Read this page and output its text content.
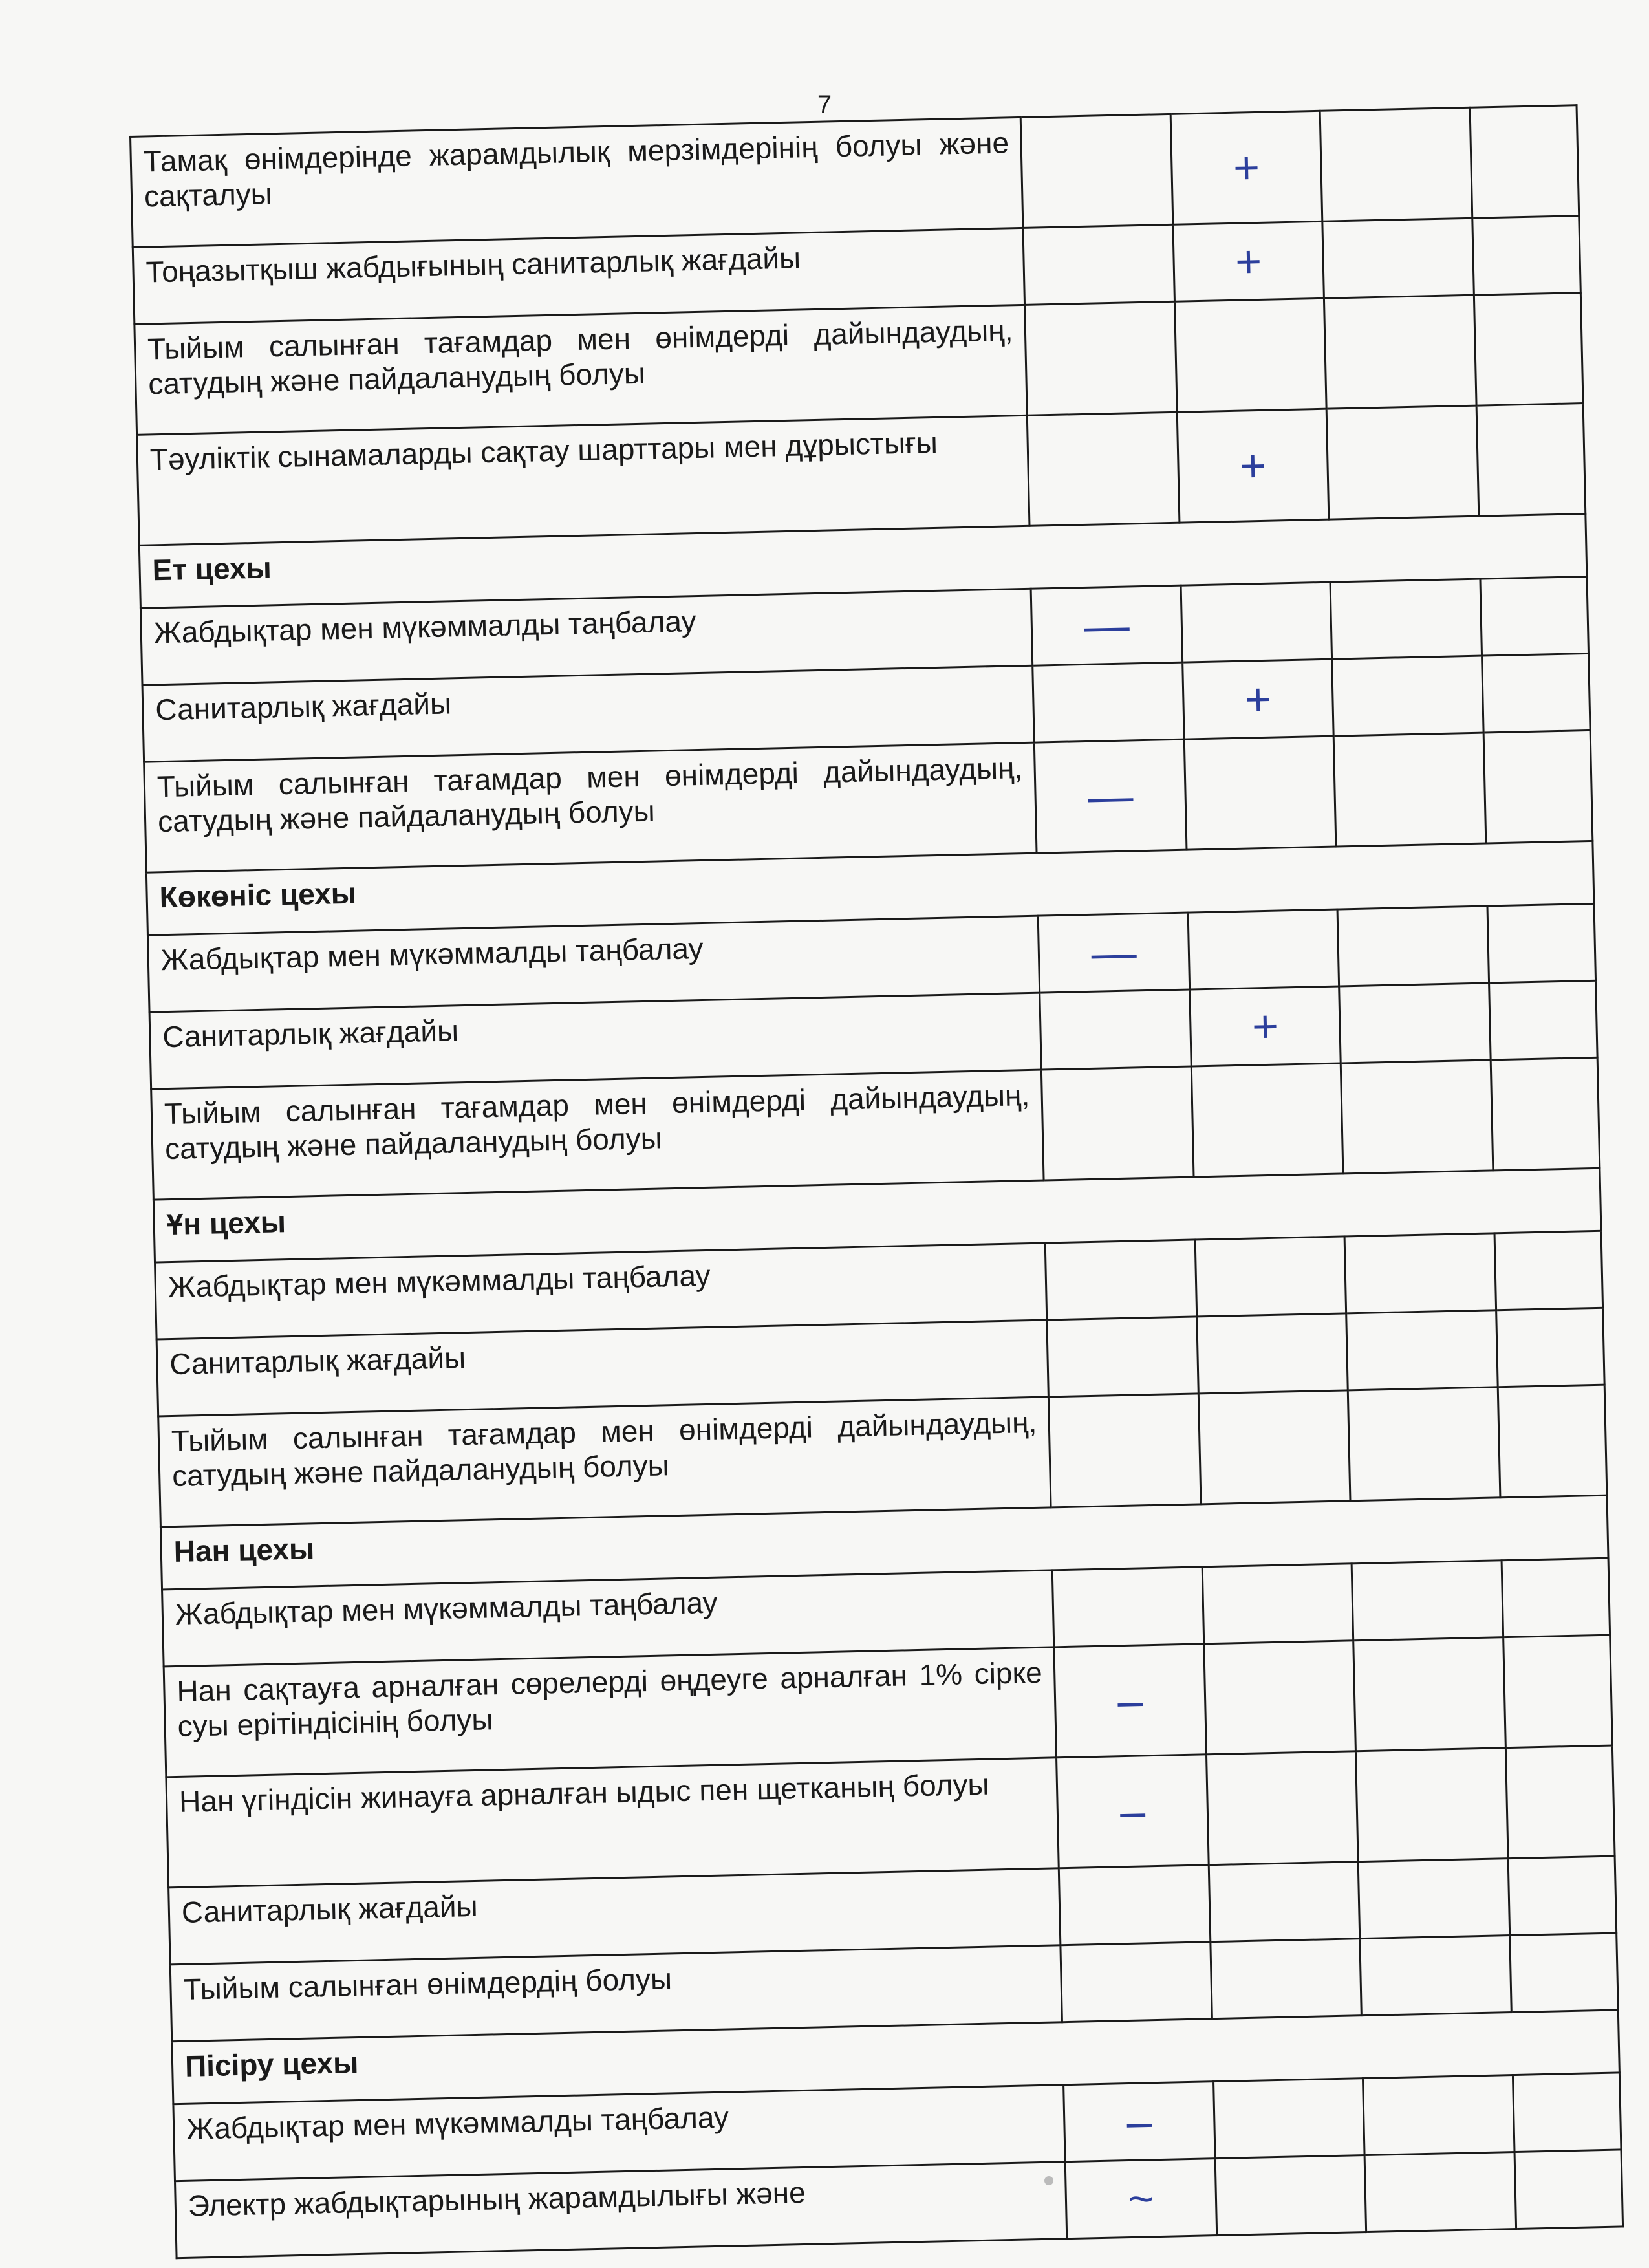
7
Тамақ өнімдерінде жарамдылық мерзімдерінің болуы және сақталуы		+		
Тоңазытқыш жабдығының санитарлық жағдайы		+		
Тыйым салынған тағамдар мен өнімдерді дайындаудың, сатудың және пайдаланудың болуы				
Тәуліктік сынамаларды сақтау шарттары мен дұрыстығы		+		
Ет цехы				
Жабдықтар мен мүкәммалды таңбалау	—			
Санитарлық жағдайы		+		
Тыйым салынған тағамдар мен өнімдерді дайындаудың, сатудың және пайдаланудың болуы	—			
Көкөніс цехы				
Жабдықтар мен мүкәммалды таңбалау	—			
Санитарлық жағдайы		+		
Тыйым салынған тағамдар мен өнімдерді дайындаудың, сатудың және пайдаланудың болуы				
Ұн цехы				
Жабдықтар мен мүкәммалды таңбалау				
Санитарлық жағдайы				
Тыйым салынған тағамдар мен өнімдерді дайындаудың, сатудың және пайдаланудың болуы				
Нан цехы				
Жабдықтар мен мүкәммалды таңбалау				
Нан сақтауға арналған сөрелерді өңдеуге арналған 1% сірке суы ерітіндісінің болуы	–			
Нан үгіндісін жинауға арналған ыдыс пен щетканың болуы	–			
Санитарлық жағдайы				
Тыйым салынған өнімдердің болуы				
Пісіру цехы				
Жабдықтар мен мүкәммалды таңбалау	–			
Электр жабдықтарының жарамдылығы және	~			
